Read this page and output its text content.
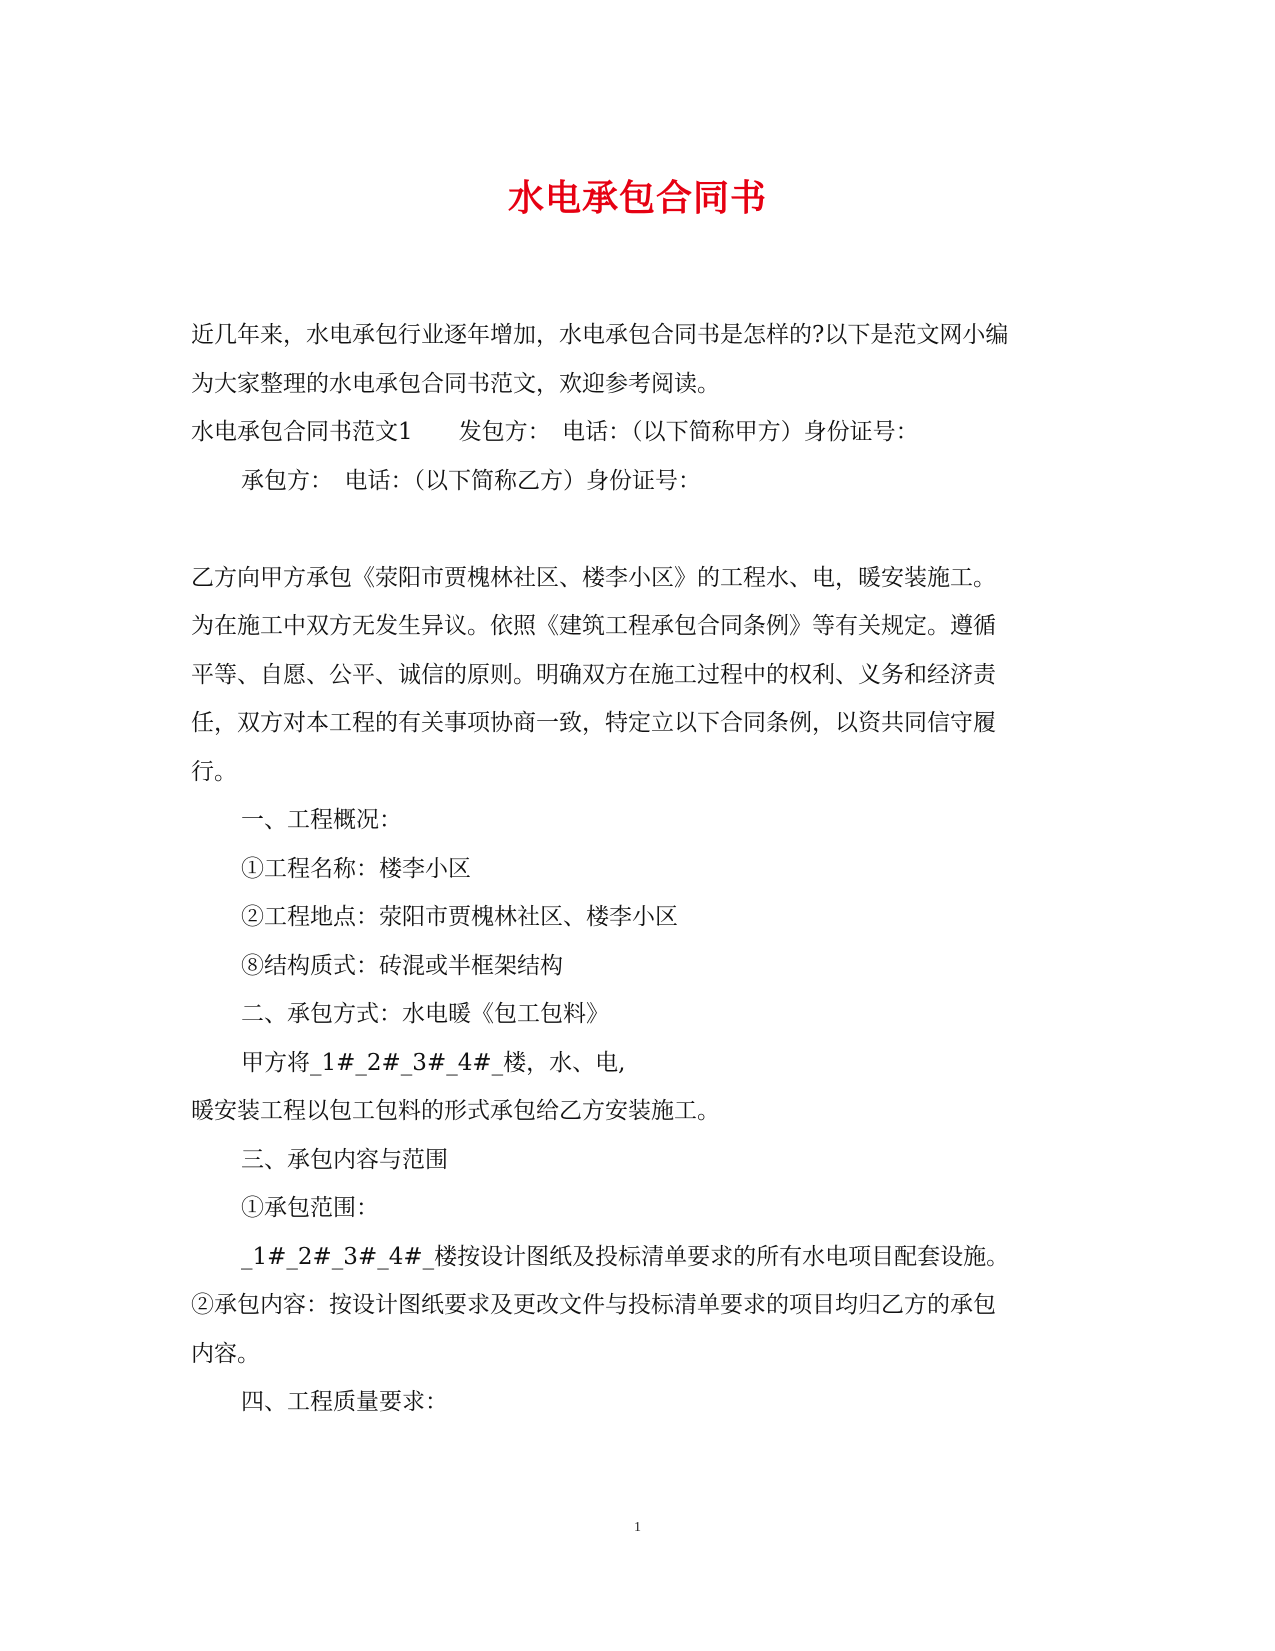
水电承包合同书
近几年来，水电承包行业逐年增加，水电承包合同书是怎样的?以下是范文网小编
为大家整理的水电承包合同书范文，欢迎参考阅读。
水电承包合同书范文1　　发包方：　电话：（以下简称甲方）身份证号：
承包方：　电话：（以下简称乙方）身份证号：
乙方向甲方承包《荥阳市贾槐林社区、楼李小区》的工程水、电，暖安装施工。
为在施工中双方无发生异议。依照《建筑工程承包合同条例》等有关规定。遵循
平等、自愿、公平、诚信的原则。明确双方在施工过程中的权利、义务和经济责
任，双方对本工程的有关事项协商一致，特定立以下合同条例，以资共同信守履
行。
一、工程概况：
①工程名称：楼李小区
②工程地点：荥阳市贾槐林社区、楼李小区
⑧结构质式：砖混或半框架结构
二、承包方式：水电暖《包工包料》
甲方将_1#_2#_3#_4#_楼，水、电,
暖安装工程以包工包料的形式承包给乙方安装施工。
三、承包内容与范围
①承包范围：
_1#_2#_3#_4#_楼按设计图纸及投标清单要求的所有水电项目配套设施。
②承包内容：按设计图纸要求及更改文件与投标清单要求的项目均归乙方的承包
内容。
四、工程质量要求：
1
